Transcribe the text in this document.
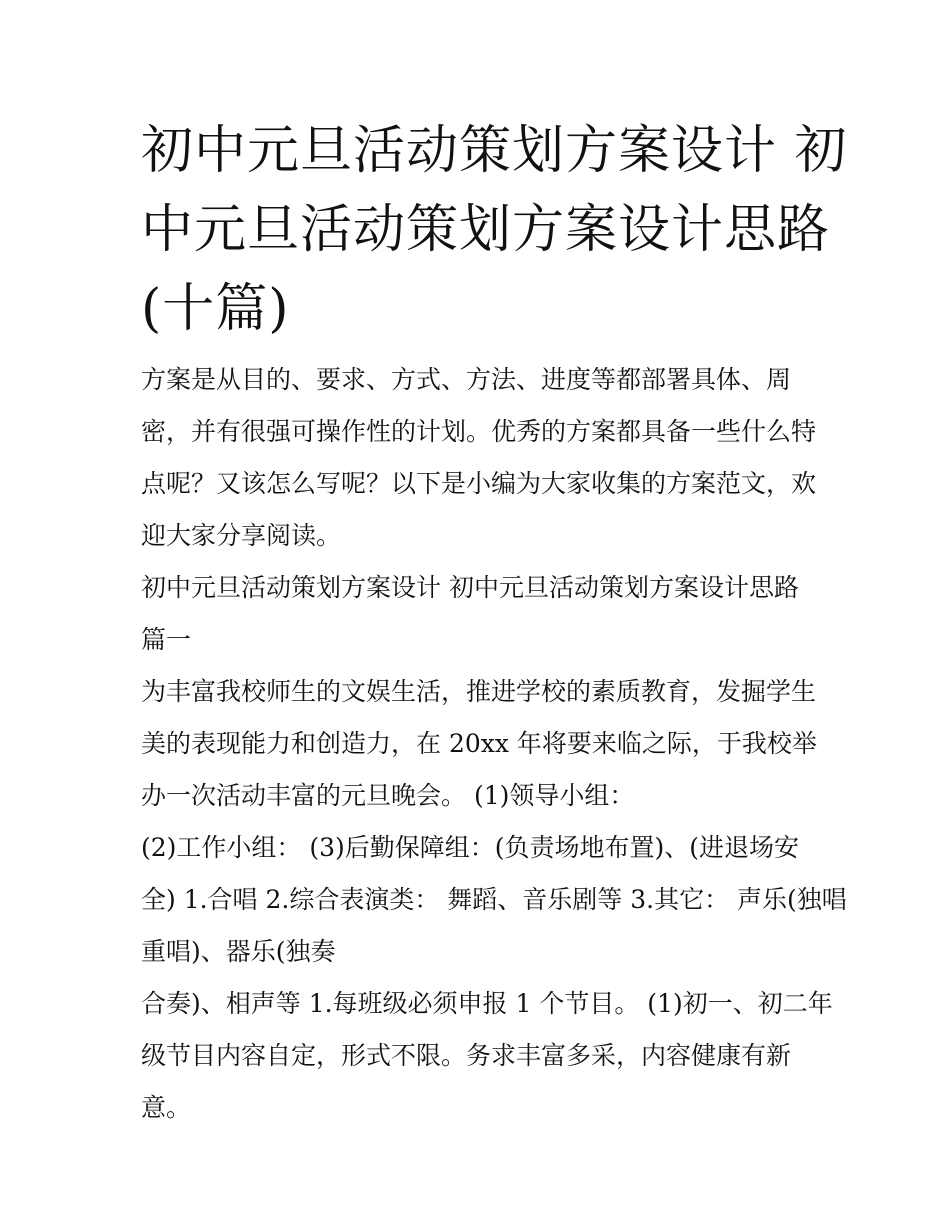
初中元旦活动策划方案设计 初
中元旦活动策划方案设计思路
(十篇)
方案是从目的、要求、方式、方法、进度等都部署具体、周
密，并有很强可操作性的计划。优秀的方案都具备一些什么特
点呢？又该怎么写呢？以下是小编为大家收集的方案范文，欢
迎大家分享阅读。
初中元旦活动策划方案设计 初中元旦活动策划方案设计思路
篇一
为丰富我校师生的文娱生活，推进学校的素质教育，发掘学生
美的表现能力和创造力，在 20xx 年将要来临之际，于我校举
办一次活动丰富的元旦晚会。 (1)领导小组：
(2)工作小组： (3)后勤保障组：(负责场地布置)、(进退场安
全) 1.合唱 2.综合表演类： 舞蹈、音乐剧等 3.其它： 声乐(独唱
重唱)、器乐(独奏
合奏)、相声等 1.每班级必须申报 1 个节目。 (1)初一、初二年
级节目内容自定，形式不限。务求丰富多采，内容健康有新
意。
